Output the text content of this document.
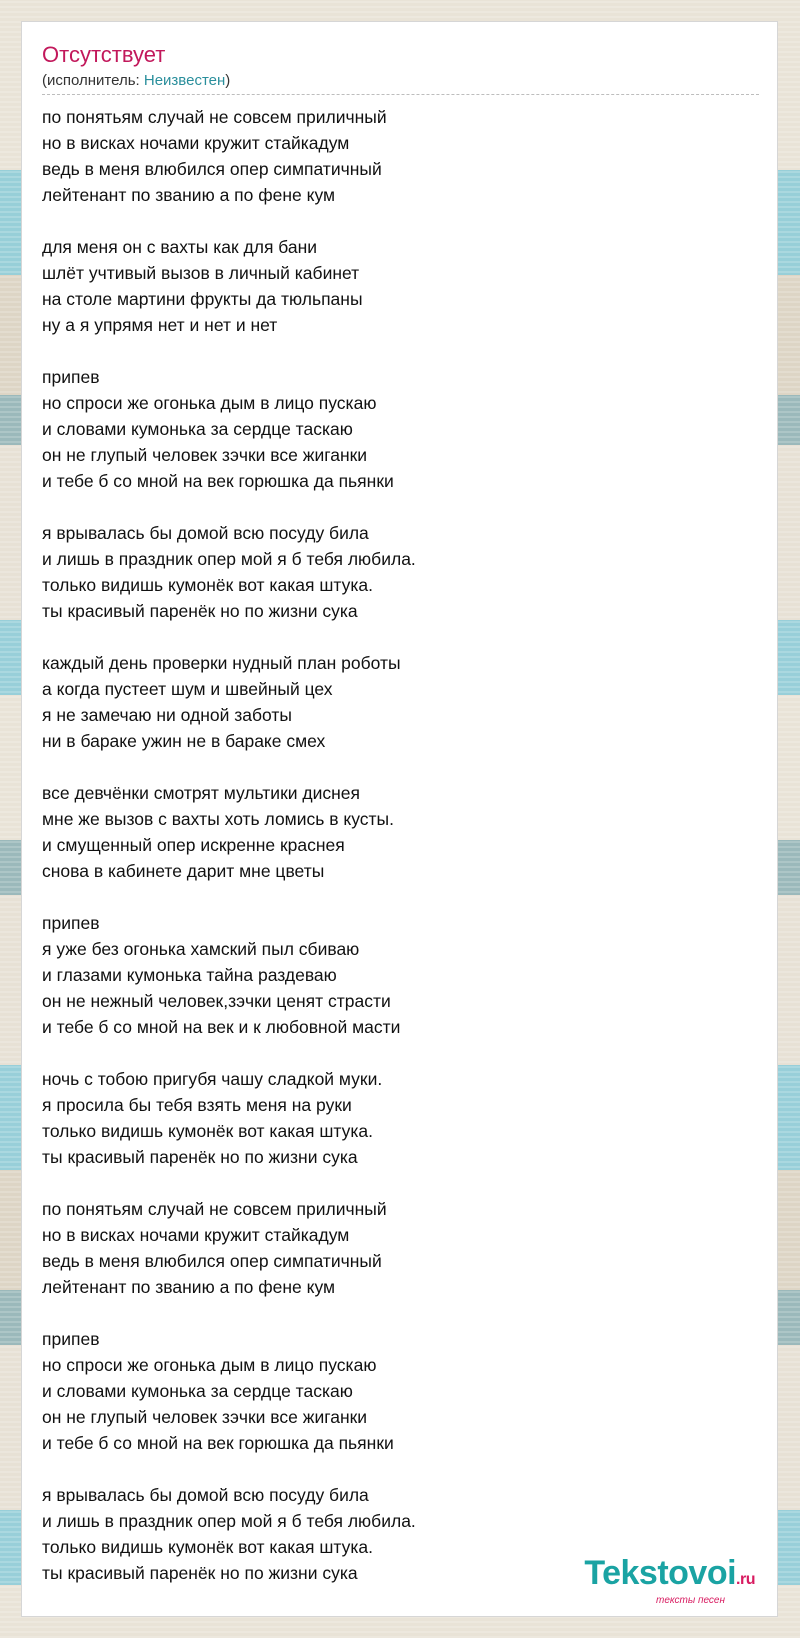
Отсутствует
(исполнитель: Неизвестен)
по понятьям случай не совсем приличный
но в висках ночами кружит стайкадум
ведь в меня влюбился опер симпатичный
лейтенант по званию а по фене кум

для меня он с вахты как для бани
шлёт учтивый вызов в личный кабинет
на столе мартини фрукты да тюльпаны
ну а я упрямя нет и нет и нет

припев
но спроси же огонька дым в лицо пускаю
и словами кумонька за сердце таскаю
он не глупый человек зэчки все жиганки
и тебе б со мной на век горюшка да пьянки

я врывалась бы домой всю посуду била
и лишь в праздник опер мой я б тебя любила.
только видишь кумонёк вот какая штука.
ты красивый паренёк но по жизни сука

каждый день проверки нудный план роботы
а когда пустеет шум и швейный цех
я не замечаю ни одной заботы
ни в бараке ужин не в бараке смех

все девчёнки смотрят мультики диснея
мне же вызов с вахты хоть ломись в кусты.
и смущенный опер искренне краснея
снова в кабинете дарит мне цветы

припев
я уже без огонька хамский пыл сбиваю
и глазами кумонька тайна раздеваю
он не нежный человек,зэчки ценят страсти
и тебе б со мной на век и к любовной масти

ночь с тобою пригубя чашу сладкой муки.
я просила бы тебя взять меня на руки
только видишь кумонёк вот какая штука.
ты красивый паренёк но по жизни сука

по понятьям случай не совсем приличный
но в висках ночами кружит стайкадум
ведь в меня влюбился опер симпатичный
лейтенант по званию а по фене кум

припев
но спроси же огонька дым в лицо пускаю
и словами кумонька за сердце таскаю
он не глупый человек зэчки все жиганки
и тебе б со мной на век горюшка да пьянки

я врывалась бы домой всю посуду била
и лишь в праздник опер мой я б тебя любила.
только видишь кумонёк вот какая штука.
ты красивый паренёк но по жизни сука	Tekstovoi.ru
тексты песен
